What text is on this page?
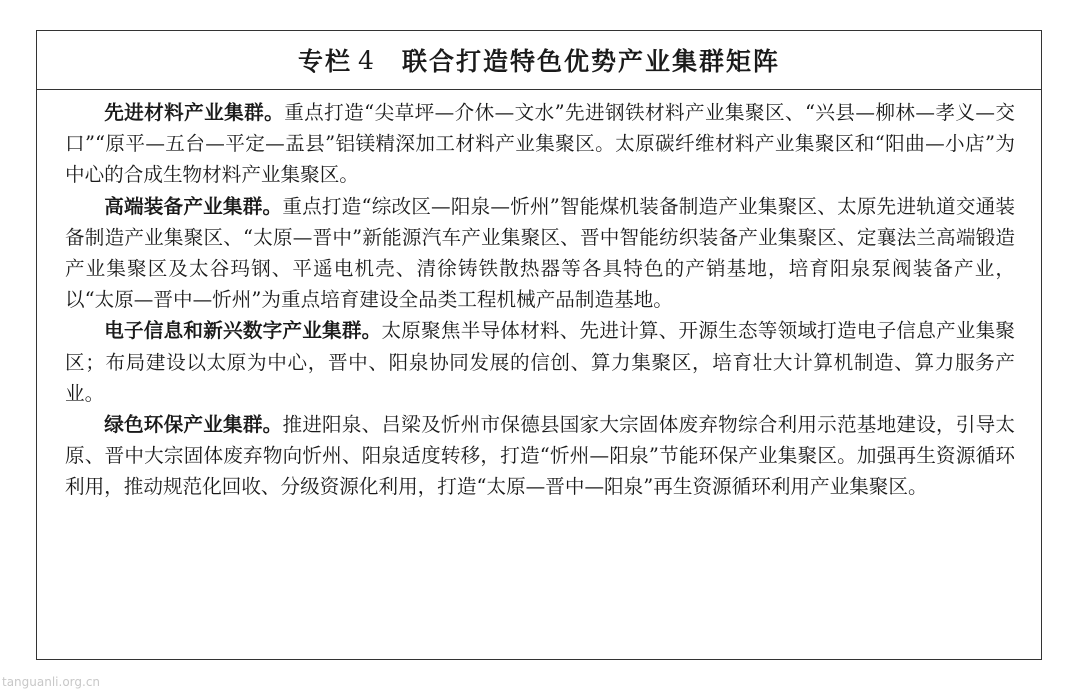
专栏 4 联合打造特色优势产业集群矩阵

先进材料产业集群。重点打造“尖草坪—介休—文水”先进钢铁材料产业集聚区、“兴县—柳林—孝义—交口”“原平—五台—平定—盂县”铝镁精深加工材料产业集聚区。太原碳纤维材料产业集聚区和“阳曲—小店”为中心的合成生物材料产业集聚区。

高端装备产业集群。重点打造“综改区—阳泉—忻州”智能煤机装备制造产业集聚区、太原先进轨道交通装备制造产业集聚区、“太原—晋中”新能源汽车产业集聚区、晋中智能纺织装备产业集聚区、定襄法兰高端锻造产业集聚区及太谷玛钢、平遥电机壳、清徐铸铁散热器等各具特色的产销基地，培育阳泉泵阀装备产业，以“太原—晋中—忻州”为重点培育建设全品类工程机械产品制造基地。

电子信息和新兴数字产业集群。太原聚焦半导体材料、先进计算、开源生态等领域打造电子信息产业集聚区；布局建设以太原为中心，晋中、阳泉协同发展的信创、算力集聚区，培育壮大计算机制造、算力服务产业。

绿色环保产业集群。推进阳泉、吕梁及忻州市保德县国家大宗固体废弃物综合利用示范基地建设，引导太原、晋中大宗固体废弃物向忻州、阳泉适度转移，打造“忻州—阳泉”节能环保产业集聚区。加强再生资源循环利用，推动规范化回收、分级资源化利用，打造“太原—晋中—阳泉”再生资源循环利用产业集聚区。

tanguanli.org.cn
